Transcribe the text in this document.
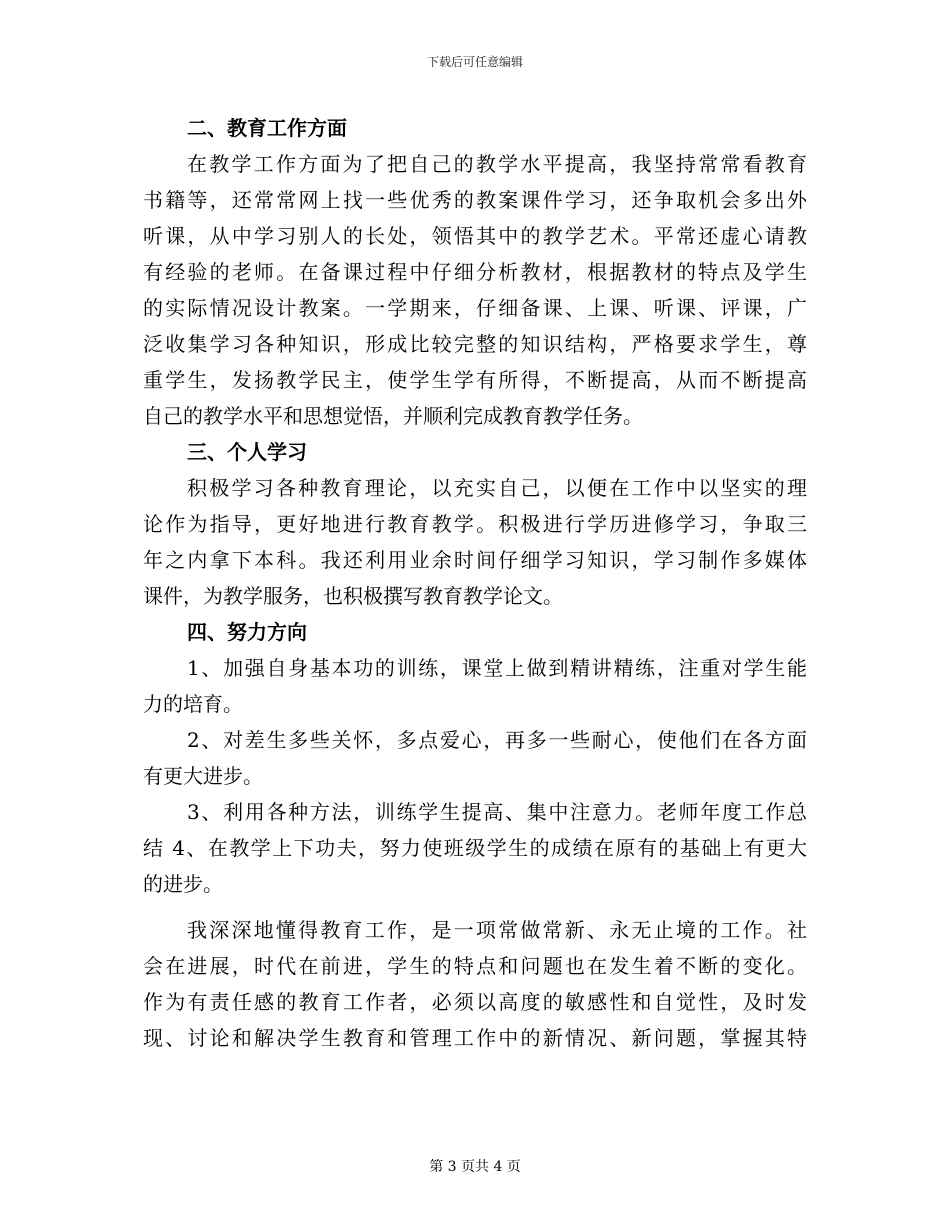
下载后可任意编辑
二、教育工作方面
在教学工作方面为了把自己的教学水平提高，我坚持常常看教育
书籍等，还常常网上找一些优秀的教案课件学习，还争取机会多出外
听课，从中学习别人的长处，领悟其中的教学艺术。平常还虚心请教
有经验的老师。在备课过程中仔细分析教材，根据教材的特点及学生
的实际情况设计教案。一学期来，仔细备课、上课、听课、评课，广
泛收集学习各种知识，形成比较完整的知识结构，严格要求学生，尊
重学生，发扬教学民主，使学生学有所得，不断提高，从而不断提高
自己的教学水平和思想觉悟，并顺利完成教育教学任务。
三、个人学习
积极学习各种教育理论，以充实自己，以便在工作中以坚实的理
论作为指导，更好地进行教育教学。积极进行学历进修学习，争取三
年之内拿下本科。我还利用业余时间仔细学习知识，学习制作多媒体
课件，为教学服务，也积极撰写教育教学论文。
四、努力方向
1、加强自身基本功的训练，课堂上做到精讲精练，注重对学生能
力的培育。
2、对差生多些关怀，多点爱心，再多一些耐心，使他们在各方面
有更大进步。
3、利用各种方法，训练学生提高、集中注意力。老师年度工作总
结 4、在教学上下功夫，努力使班级学生的成绩在原有的基础上有更大
的进步。
我深深地懂得教育工作，是一项常做常新、永无止境的工作。社
会在进展，时代在前进，学生的特点和问题也在发生着不断的变化。
作为有责任感的教育工作者，必须以高度的敏感性和自觉性，及时发
现、讨论和解决学生教育和管理工作中的新情况、新问题，掌握其特
第 3 页共 4 页
